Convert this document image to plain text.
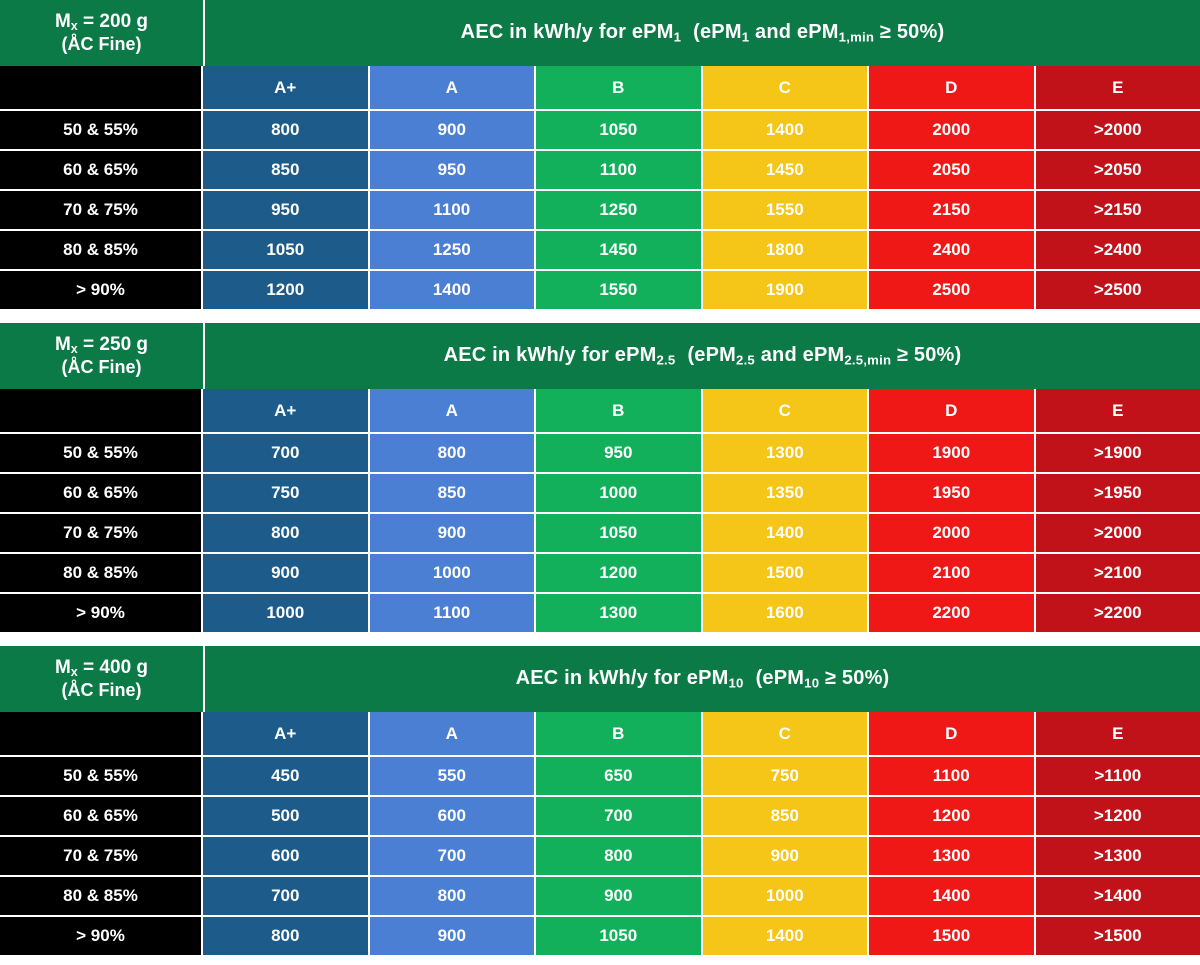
$M_x = 200$ g
(ÅC Fine)
AEC in kWh/y for ePM$_1$ (ePM$_1$ and ePM$_{1,min}$ ≥ 50%)
A+	A	B	C	D	E
50 & 55%	800	900	1050	1400	2000	>2000
60 & 65%	850	950	1100	1450	2050	>2050
70 & 75%	950	1100	1250	1550	2150	>2150
80 & 85%	1050	1250	1450	1800	2400	>2400
> 90%	1200	1400	1550	1900	2500	>2500
$M_x = 250$ g
(ÅC Fine)
AEC in kWh/y for ePM$_{2.5}$ (ePM$_{2.5}$ and ePM$_{2.5,min}$ ≥ 50%)
A+	A	B	C	D	E
50 & 55%	700	800	950	1300	1900	>1900
60 & 65%	750	850	1000	1350	1950	>1950
70 & 75%	800	900	1050	1400	2000	>2000
80 & 85%	900	1000	1200	1500	2100	>2100
> 90%	1000	1100	1300	1600	2200	>2200
$M_x = 400$ g
(ÅC Fine)
AEC in kWh/y for ePM$_{10}$ (ePM$_{10}$ ≥ 50%)
A+	A	B	C	D	E
50 & 55%	450	550	650	750	1100	>1100
60 & 65%	500	600	700	850	1200	>1200
70 & 75%	600	700	800	900	1300	>1300
80 & 85%	700	800	900	1000	1400	>1400
> 90%	800	900	1050	1400	1500	>1500
